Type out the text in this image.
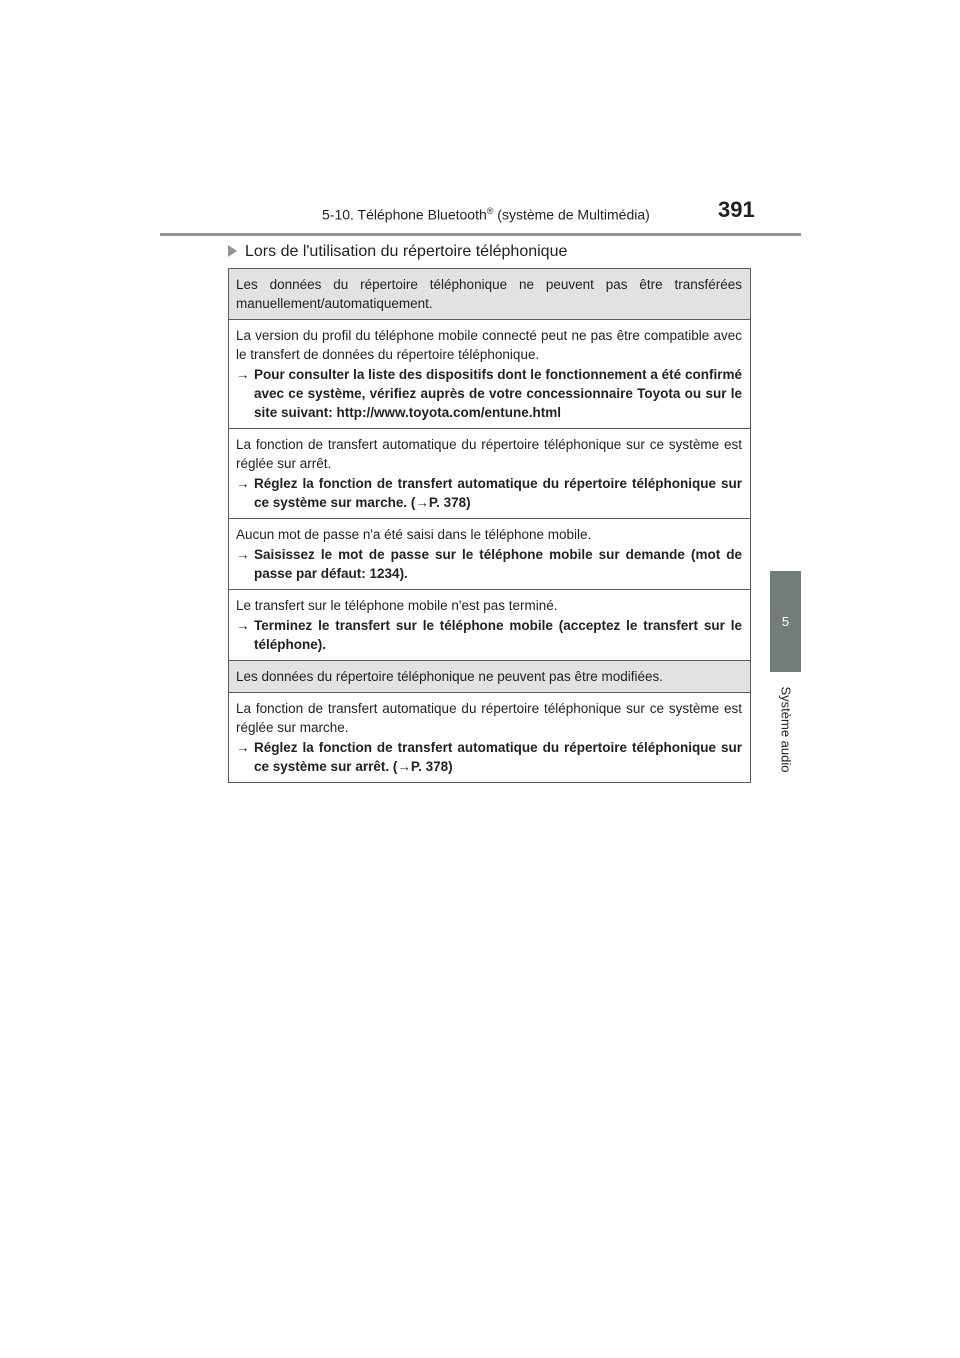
5-10. Téléphone Bluetooth® (système de Multimédia)	391
5
Système audio
Lors de l'utilisation du répertoire téléphonique

Les données du répertoire téléphonique ne peuvent pas être transférées manuellement/automatiquement.

La version du profil du téléphone mobile connecté peut ne pas être compatible avec le transfert de données du répertoire téléphonique.

→ Pour consulter la liste des dispositifs dont le fonctionnement a été confirmé avec ce système, vérifiez auprès de votre concessionnaire Toyota ou sur le site suivant: http://www.toyota.com/entune.html

La fonction de transfert automatique du répertoire téléphonique sur ce système est réglée sur arrêt.

→ Réglez la fonction de transfert automatique du répertoire téléphonique sur ce système sur marche. (→P. 378)

Aucun mot de passe n'a été saisi dans le téléphone mobile.

→ Saisissez le mot de passe sur le téléphone mobile sur demande (mot de passe par défaut: 1234).

Le transfert sur le téléphone mobile n'est pas terminé.

→ Terminez le transfert sur le téléphone mobile (acceptez le transfert sur le téléphone).

Les données du répertoire téléphonique ne peuvent pas être modifiées.

La fonction de transfert automatique du répertoire téléphonique sur ce système est réglée sur marche.

→ Réglez la fonction de transfert automatique du répertoire téléphonique sur ce système sur arrêt. (→P. 378)
